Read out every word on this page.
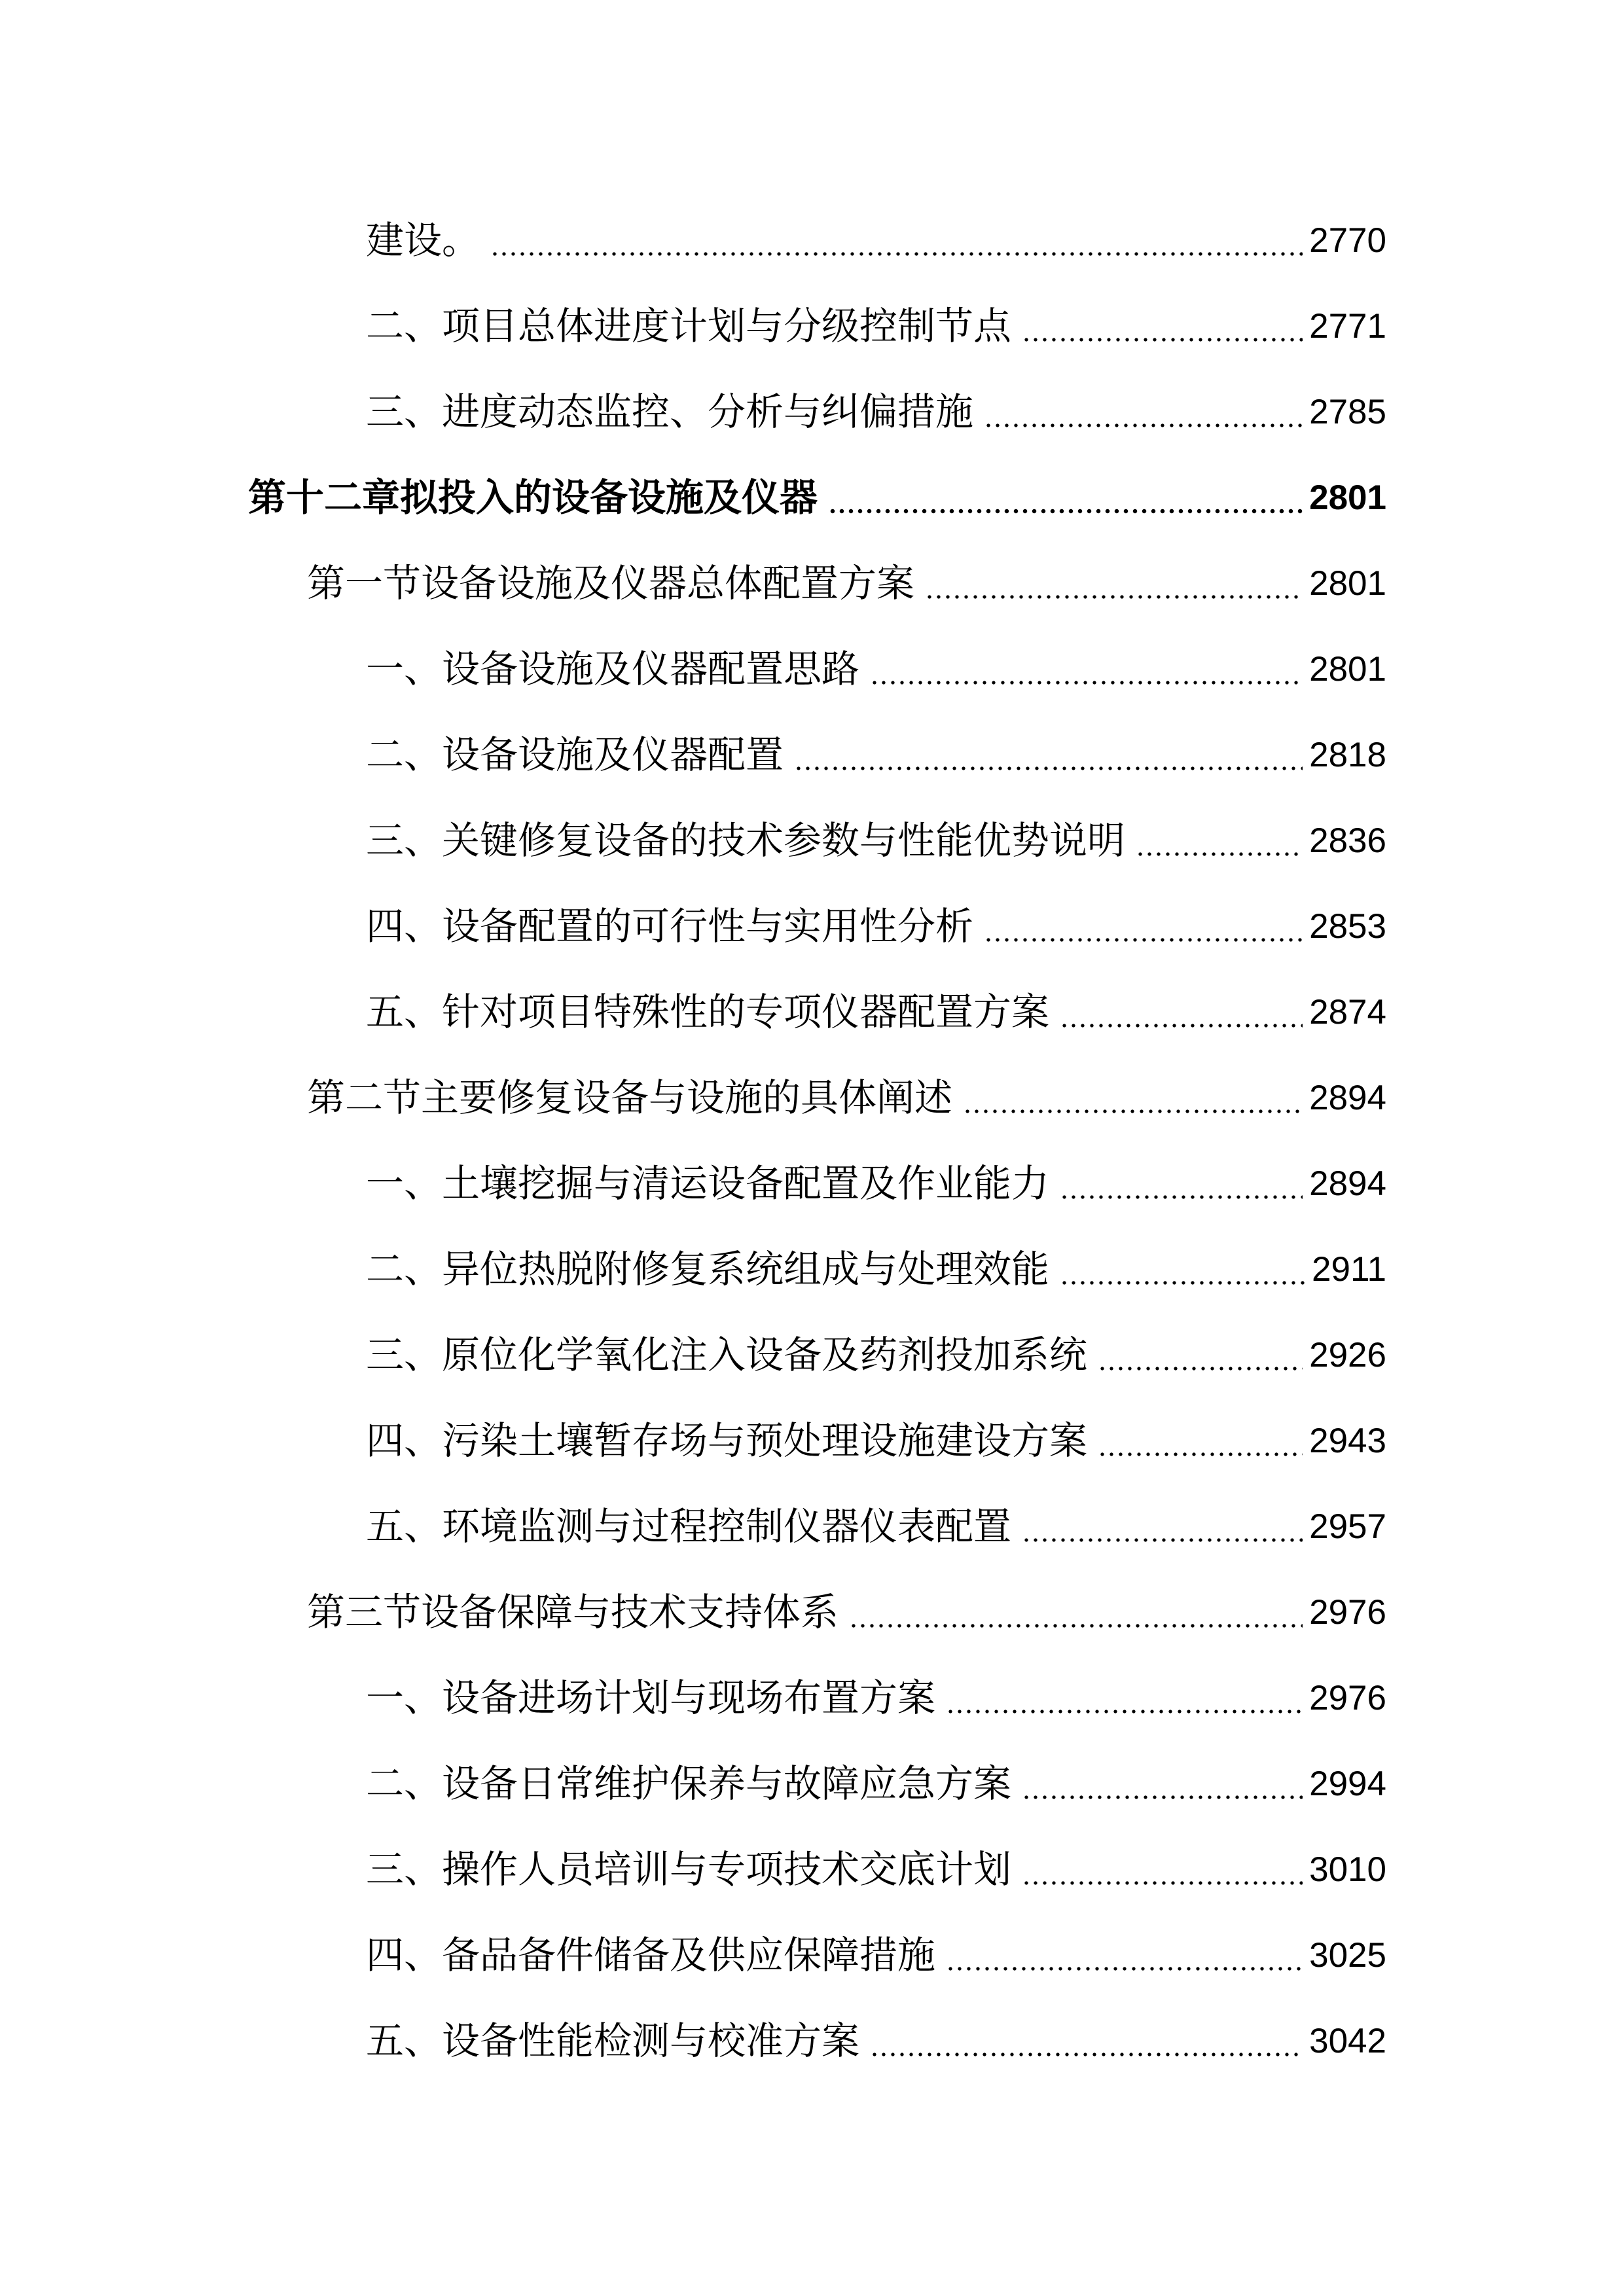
建设。	2770
二、项目总体进度计划与分级控制节点	2771
三、进度动态监控、分析与纠偏措施	2785
第十二章拟投入的设备设施及仪器	2801
第一节设备设施及仪器总体配置方案	2801
一、设备设施及仪器配置思路	2801
二、设备设施及仪器配置	2818
三、关键修复设备的技术参数与性能优势说明	2836
四、设备配置的可行性与实用性分析	2853
五、针对项目特殊性的专项仪器配置方案	2874
第二节主要修复设备与设施的具体阐述	2894
一、土壤挖掘与清运设备配置及作业能力	2894
二、异位热脱附修复系统组成与处理效能	2911
三、原位化学氧化注入设备及药剂投加系统	2926
四、污染土壤暂存场与预处理设施建设方案	2943
五、环境监测与过程控制仪器仪表配置	2957
第三节设备保障与技术支持体系	2976
一、设备进场计划与现场布置方案	2976
二、设备日常维护保养与故障应急方案	2994
三、操作人员培训与专项技术交底计划	3010
四、备品备件储备及供应保障措施	3025
五、设备性能检测与校准方案	3042
